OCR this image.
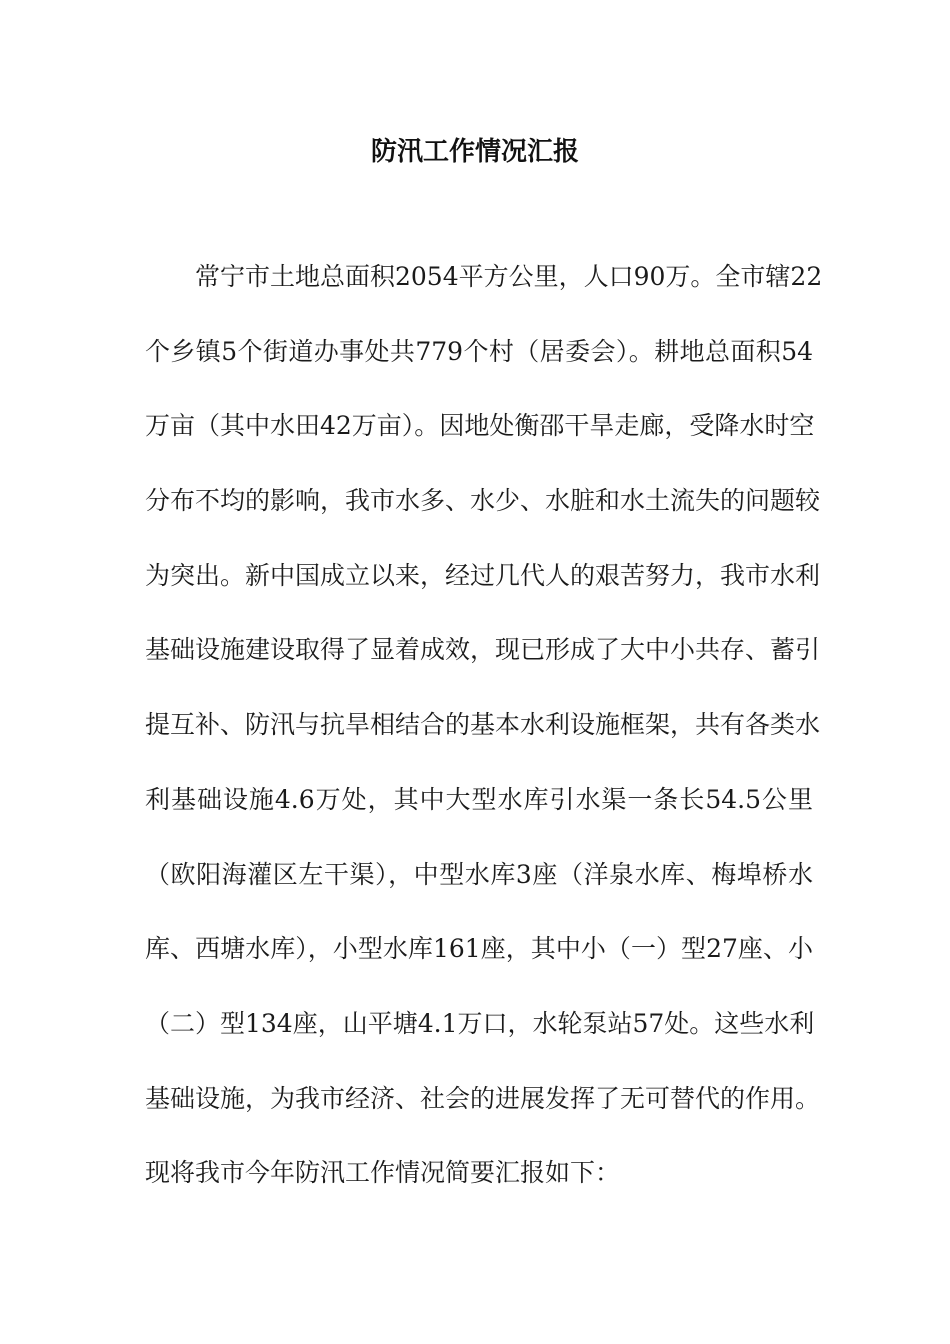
防汛工作情况汇报
常宁市土地总面积2054平方公里，人口90万。全市辖22
个乡镇5个街道办事处共779个村（居委会）。耕地总面积54
万亩（其中水田42万亩）。因地处衡邵干旱走廊，受降水时空
分布不均的影响，我市水多、水少、水脏和水土流失的问题较
为突出。新中国成立以来，经过几代人的艰苦努力，我市水利
基础设施建设取得了显着成效，现已形成了大中小共存、蓄引
提互补、防汛与抗旱相结合的基本水利设施框架，共有各类水
利基础设施4.6万处，其中大型水库引水渠一条长54.5公里
（欧阳海灌区左干渠），中型水库3座（洋泉水库、梅埠桥水
库、西塘水库），小型水库161座，其中小（一）型27座、小
（二）型134座，山平塘4.1万口，水轮泵站57处。这些水利
基础设施，为我市经济、社会的进展发挥了无可替代的作用。
现将我市今年防汛工作情况简要汇报如下：
